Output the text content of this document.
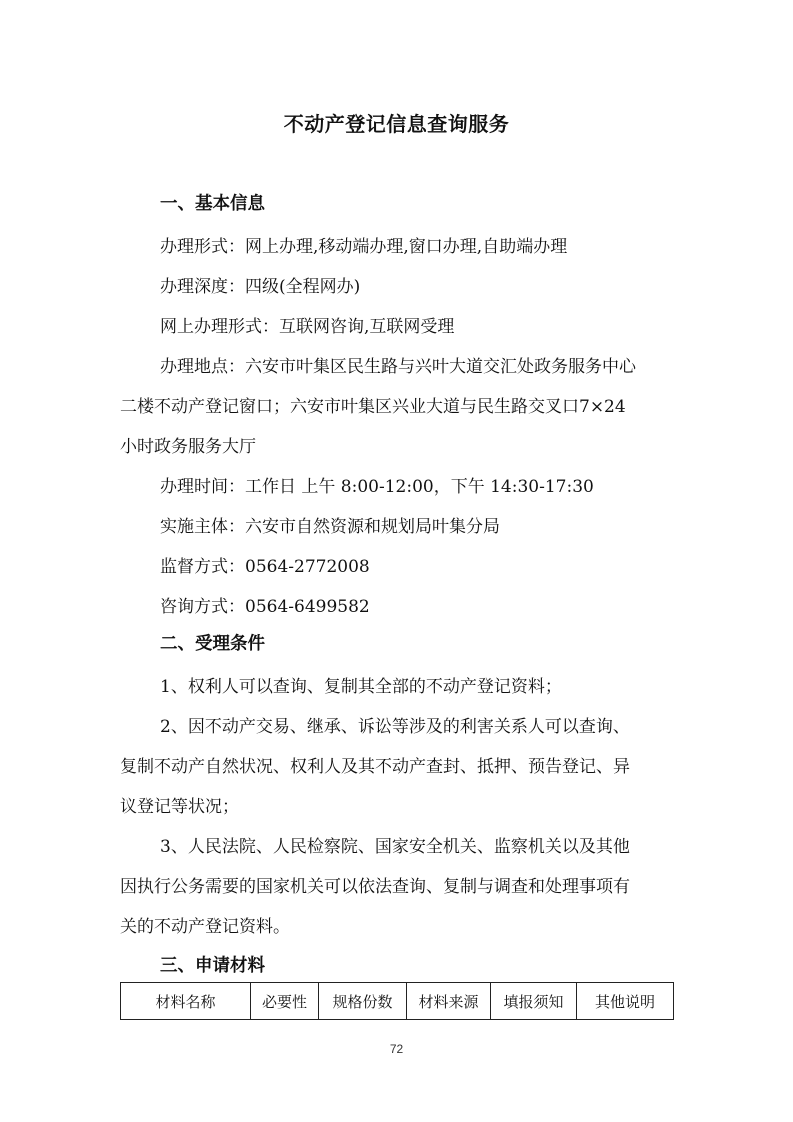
不动产登记信息查询服务
一、基本信息
办理形式：网上办理,移动端办理,窗口办理,自助端办理
办理深度：四级(全程网办)
网上办理形式：互联网咨询,互联网受理
办理地点：六安市叶集区民生路与兴叶大道交汇处政务服务中心
二楼不动产登记窗口；六安市叶集区兴业大道与民生路交叉口7×24
小时政务服务大厅
办理时间：工作日 上午 8:00-12:00，下午 14:30-17:30
实施主体：六安市自然资源和规划局叶集分局
监督方式：0564-2772008
咨询方式：0564-6499582
二、受理条件
1、权利人可以查询、复制其全部的不动产登记资料；
2、因不动产交易、继承、诉讼等涉及的利害关系人可以查询、
复制不动产自然状况、权利人及其不动产查封、抵押、预告登记、异
议登记等状况；
3、人民法院、人民检察院、国家安全机关、监察机关以及其他
因执行公务需要的国家机关可以依法查询、复制与调查和处理事项有
关的不动产登记资料。
三、申请材料
材料名称	必要性	规格份数	材料来源	填报须知	其他说明
72
